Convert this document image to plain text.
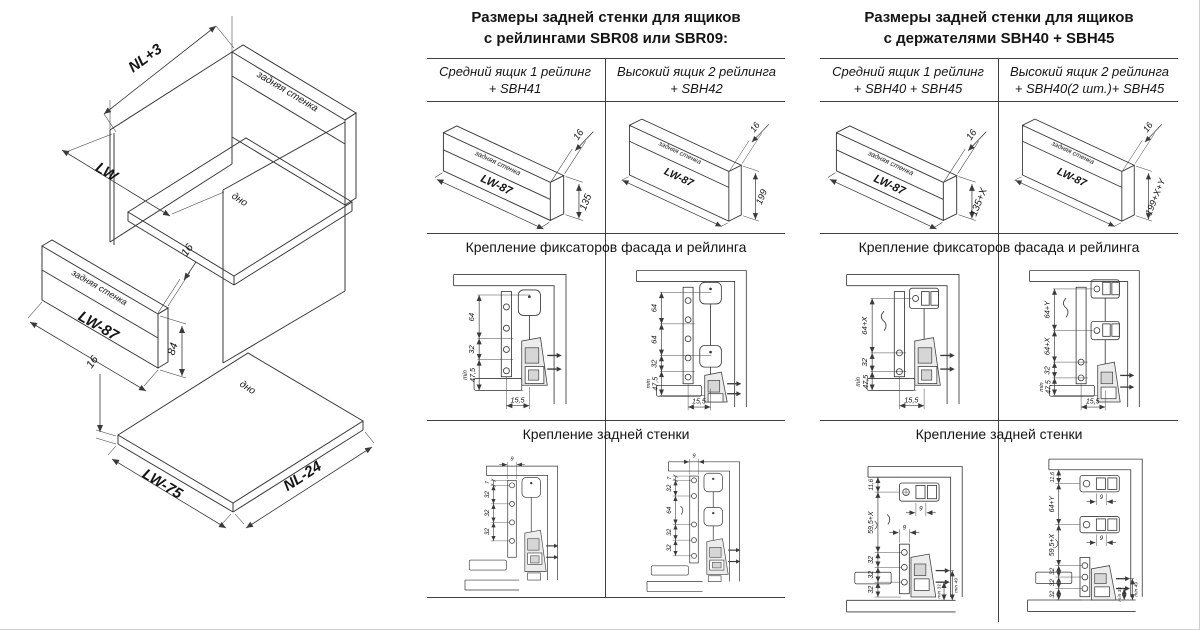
задняя стенка
дно
NL+3
LW
задняя стенка
LW-87
84
16
дно
16
LW-75	NL-24
Размеры задней стенки для ящиков
с рейлингами SBR08 или SBR09:
Средний ящик 1 рейлинг
+ SBH41
Высокий ящик 2 рейлинга
+ SBH42
задняя стенка
LW-87
16
135
задняя стенка
LW-87
16
199
Крепление фиксаторов фасада и рейлинга
64
32
min
47,5
15,5
64
64
32
min 47,5
15,5
Крепление задней стенки
9
7
32
32
32
9
7
32
64
32
32
Размеры задней стенки для ящиков
с держателями SBH40 + SBH45
Средний ящик 1 рейлинг
+ SBH40 + SBH45
Высокий ящик 2 рейлинга
+ SBH40(2 шт.)+ SBH45
задняя стенка
LW-87
16
135+X
задняя стенка
LW-87
16
199+X+Y
Крепление фиксаторов фасада и рейлинга
64+X
32
min
47,5
15,5
64+Y
64+X
32
min 47,5
15,5
Крепление задней стенки
9
9
min 31 min 49
11,6
59,5+X
32
32
32
9
9
min 31 min 49
11,6
64+Y
59,5+X
32
32
32
